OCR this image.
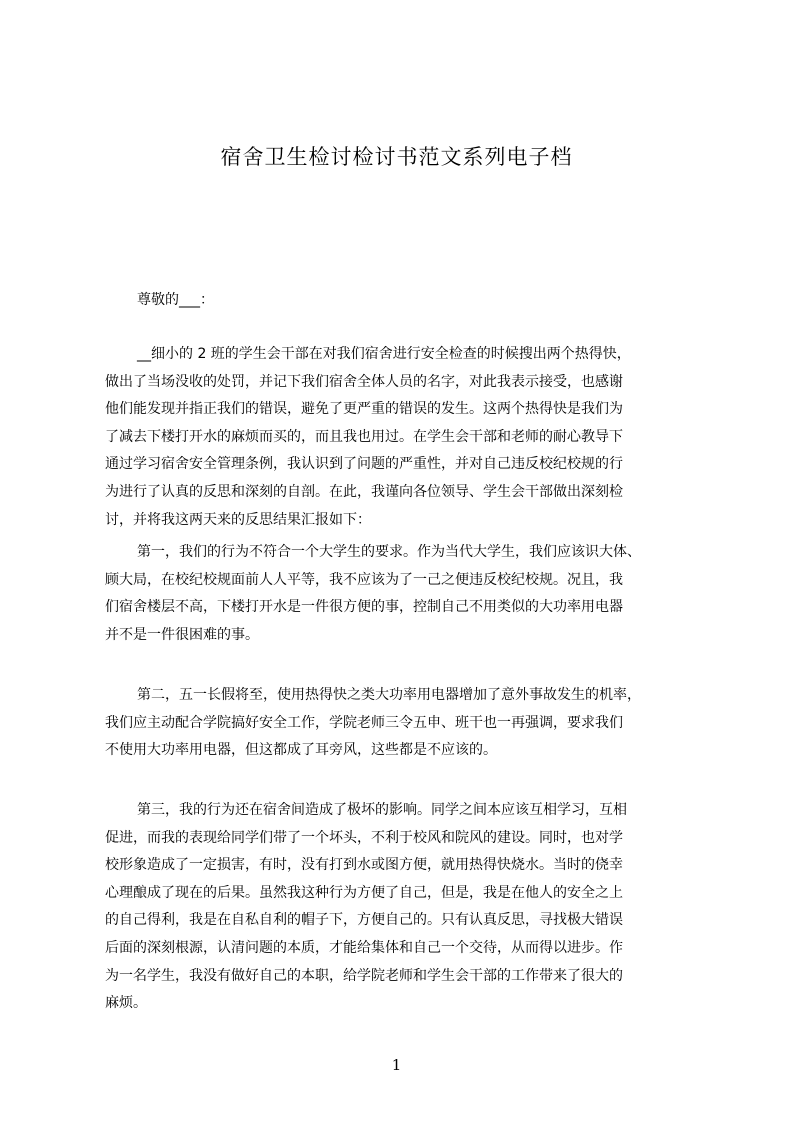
宿舍卫生检讨检讨书范文系列电子档
尊敬的___：
__细小的 2 班的学生会干部在对我们宿舍进行安全检查的时候搜出两个热得快，
做出了当场没收的处罚，并记下我们宿舍全体人员的名字，对此我表示接受，也感谢
他们能发现并指正我们的错误，避免了更严重的错误的发生。这两个热得快是我们为
了减去下楼打开水的麻烦而买的，而且我也用过。在学生会干部和老师的耐心教导下
通过学习宿舍安全管理条例，我认识到了问题的严重性，并对自己违反校纪校规的行
为进行了认真的反思和深刻的自剖。在此，我谨向各位领导、学生会干部做出深刻检
讨，并将我这两天来的反思结果汇报如下：
第一，我们的行为不符合一个大学生的要求。作为当代大学生，我们应该识大体、
顾大局，在校纪校规面前人人平等，我不应该为了一己之便违反校纪校规。况且，我
们宿舍楼层不高，下楼打开水是一件很方便的事，控制自己不用类似的大功率用电器
并不是一件很困难的事。
第二，五一长假将至，使用热得快之类大功率用电器增加了意外事故发生的机率，
我们应主动配合学院搞好安全工作，学院老师三令五申、班干也一再强调，要求我们
不使用大功率用电器，但这都成了耳旁风，这些都是不应该的。
第三，我的行为还在宿舍间造成了极坏的影响。同学之间本应该互相学习，互相
促进，而我的表现给同学们带了一个坏头，不利于校风和院风的建设。同时，也对学
校形象造成了一定损害，有时，没有打到水或图方便，就用热得快烧水。当时的侥幸
心理酿成了现在的后果。虽然我这种行为方便了自己，但是，我是在他人的安全之上
的自己得利，我是在自私自利的帽子下，方便自己的。只有认真反思，寻找极大错误
后面的深刻根源，认清问题的本质，才能给集体和自己一个交待，从而得以进步。作
为一名学生，我没有做好自己的本职，给学院老师和学生会干部的工作带来了很大的
麻烦。
1
